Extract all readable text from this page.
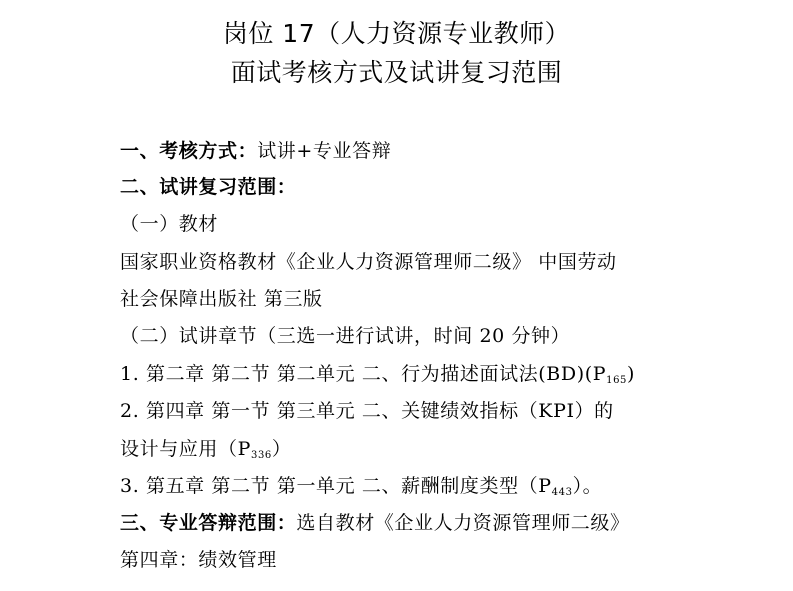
岗位 17（人力资源专业教师）
面试考核方式及试讲复习范围
一、考核方式：试讲+专业答辩
二、试讲复习范围：
（一）教材
国家职业资格教材《企业人力资源管理师二级》 中国劳动
社会保障出版社 第三版
（二）试讲章节（三选一进行试讲，时间 20 分钟）
1. 第二章 第二节 第二单元 二、行为描述面试法$(BD)(P_{165})$
2. 第四章 第一节 第三单元 二、关键绩效指标（KPI）的
设计与应用$(P_{336})$
3. 第五章 第二节 第一单元 二、薪酬制度类型$(P_{443})$。
三、专业答辩范围：选自教材《企业人力资源管理师二级》
第四章：绩效管理
